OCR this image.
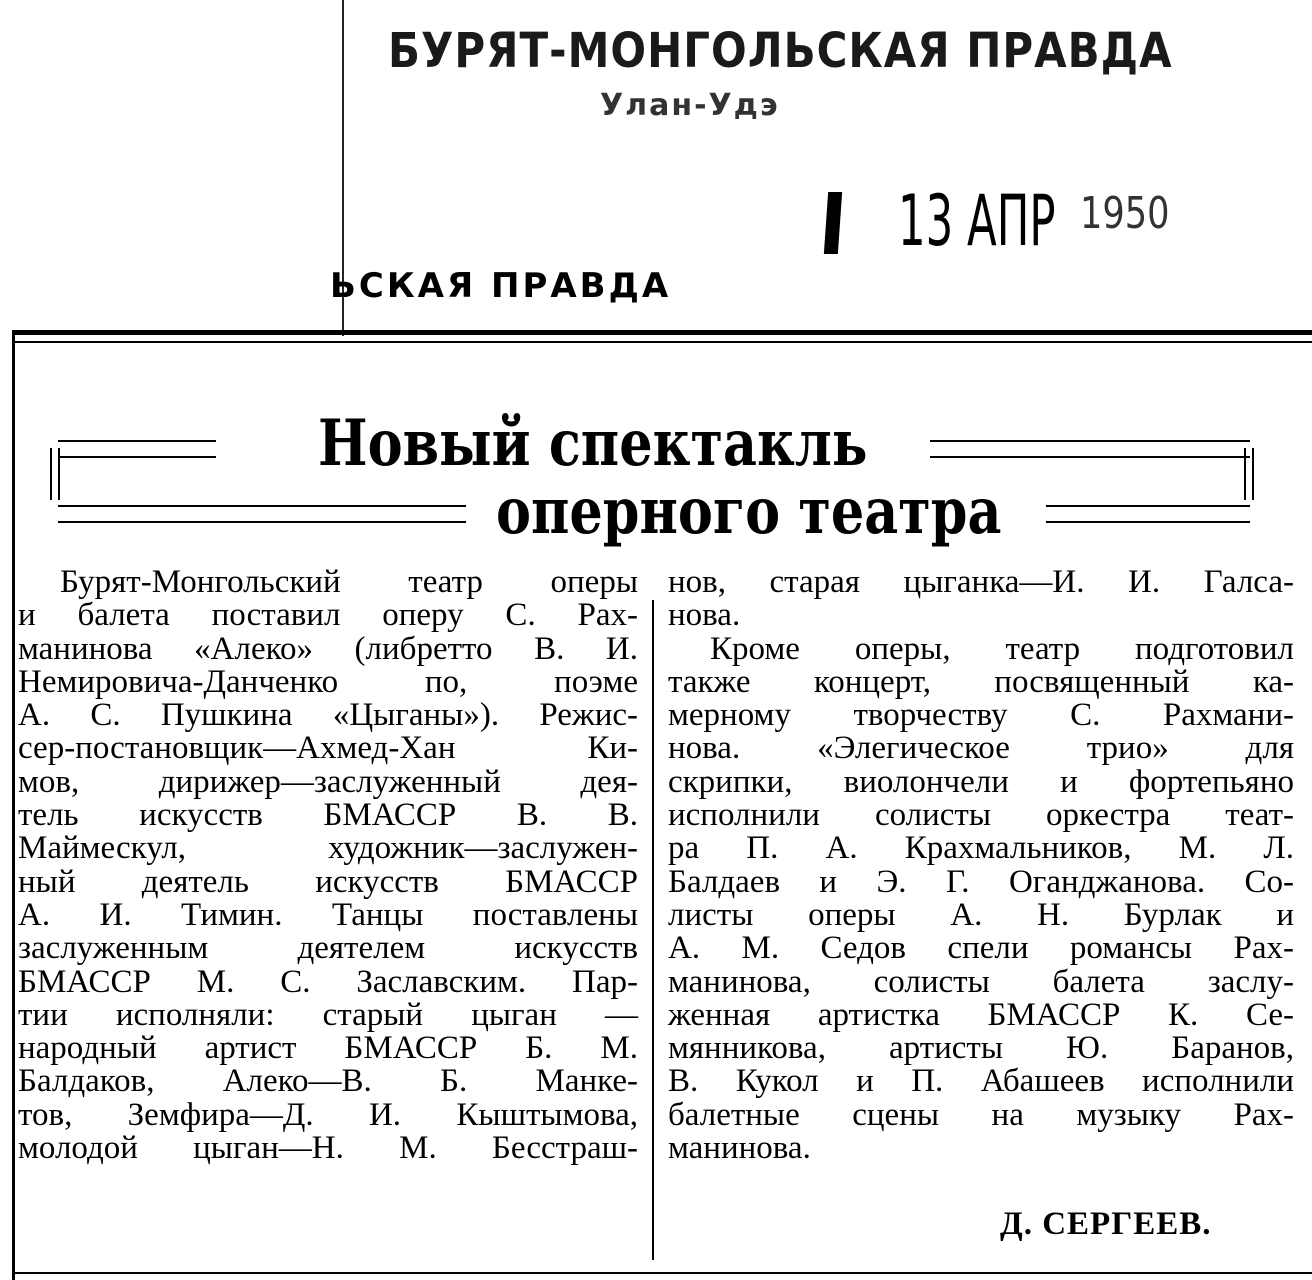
БУРЯТ-МОНГОЛЬСКАЯ ПРАВДА
Улан-Удэ
13 АПР 1950
ЬСКАЯ ПРАВДА
Новый спектакль
оперного театра
Бурят-Монгольский театр оперы
и балета поставил оперу С. Рах-
манинова «Алеко» (либретто В. И.
Немировича-Данченко по, поэме
А. С. Пушкина «Цыганы»). Режис-
сер-постановщик—Ахмед-Хан Ки-
мов, дирижер—заслуженный дея-
тель искусств БМАССР В. В.
Маймескул, художник—заслужен-
ный деятель искусств БМАССР
А. И. Тимин. Танцы поставлены
заслуженным деятелем искусств
БМАССР М. С. Заславским. Пар-
тии исполняли: старый цыган —
народный артист БМАССР Б. М.
Балдаков, Алеко—В. Б. Манке-
тов, Земфира—Д. И. Кыштымова,
молодой цыган—Н. М. Бесстраш-
нов, старая цыганка—И. И. Галса-
нова.
Кроме оперы, театр подготовил
также концерт, посвященный ка-
мерному творчеству С. Рахмани-
нова. «Элегическое трио» для
скрипки, виолончели и фортепьяно
исполнили солисты оркестра теат-
ра П. А. Крахмальников, М. Л.
Балдаев и Э. Г. Оганджанова. Со-
листы оперы А. Н. Бурлак и
А. М. Седов спели романсы Рах-
манинова, солисты балета заслу-
женная артистка БМАССР К. Се-
мянникова, артисты Ю. Баранов,
В. Кукол и П. Абашеев исполнили
балетные сцены на музыку Рах-
манинова.
Д. СЕРГЕЕВ.
